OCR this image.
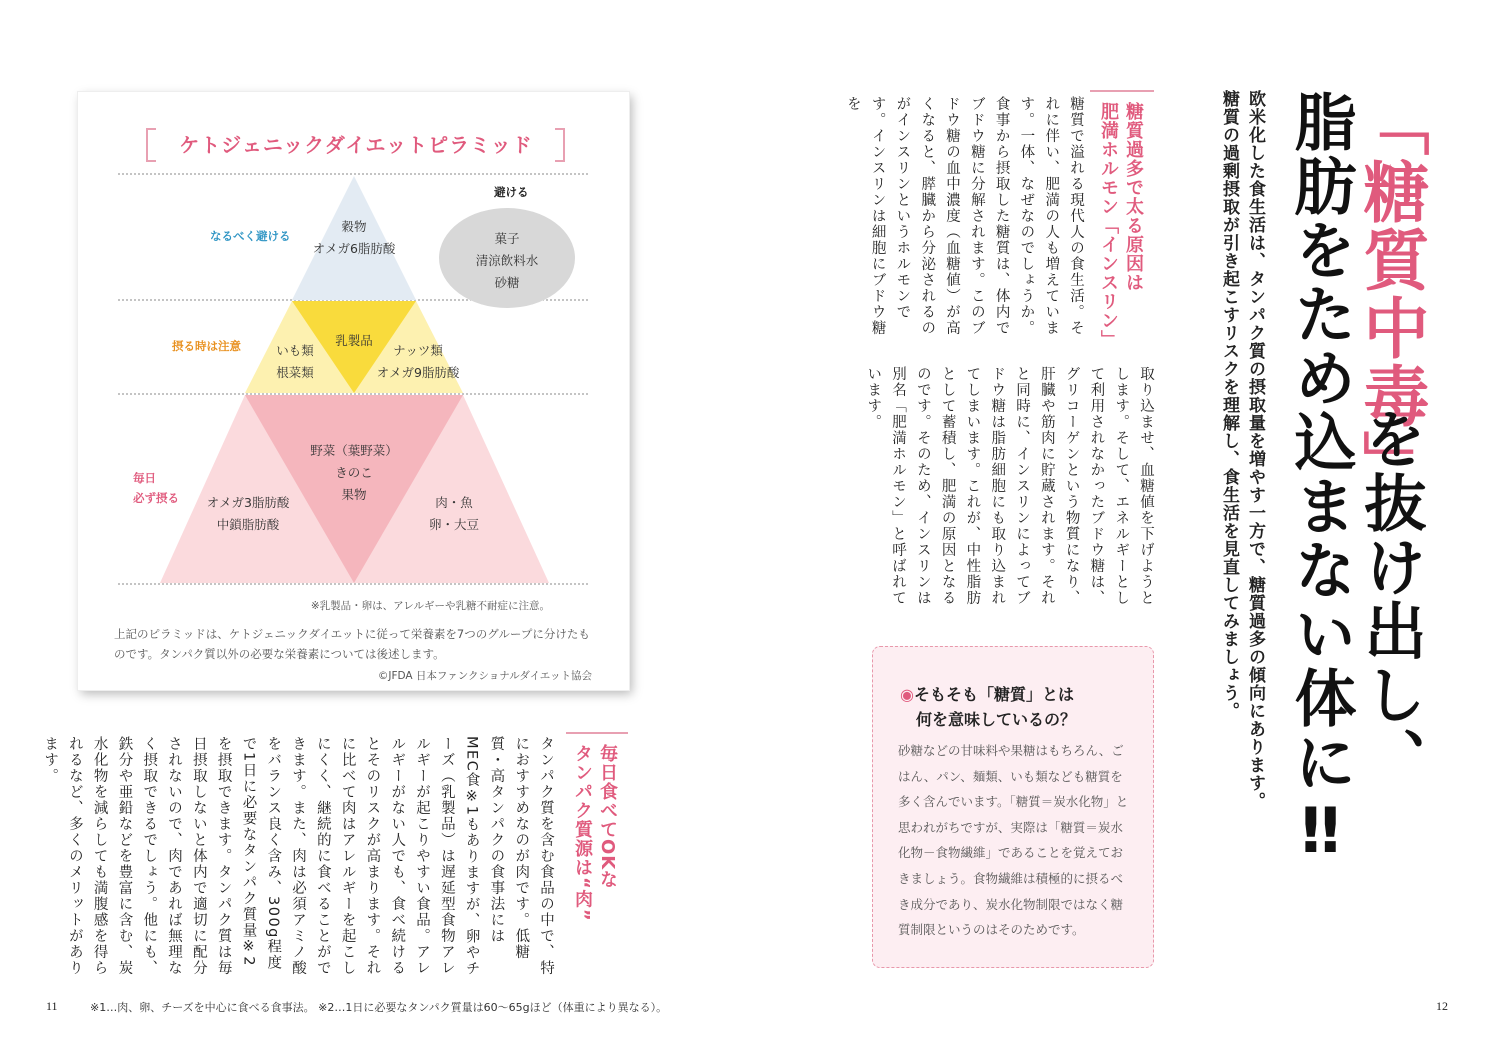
ケトジェニックダイエットピラミッド
なるべく避ける
摂る時は注意
毎日
必ず摂る
避ける
穀物
オメガ6脂肪酸
菓子
清涼飲料水
砂糖
いも類
根菜類
乳製品
ナッツ類
オメガ9脂肪酸
野菜（葉野菜）
きのこ
果物
オメガ3脂肪酸
中鎖脂肪酸
肉・魚
卵・大豆
※乳製品・卵は、アレルギーや乳糖不耐症に注意。
上記のピラミッドは、ケトジェニックダイエットに従って栄養素を7つのグループに分けたものです。タンパク質以外の必要な栄養素については後述します。
©JFDA 日本ファンクショナルダイエット協会
毎日食べてOKな
タンパク質源は“肉”
タンパク質を含む食品の中で、特におすすめなのが肉です。低糖質・高タンパクの食事法にはMEC食※1もありますが、卵やチーズ（乳製品）は遅延型食物アレルギーが起こりやすい食品。アレルギーがない人でも、食べ続けるとそのリスクが高まります。それに比べて肉はアレルギーを起こしにくく、継続的に食べることができます。また、肉は必須アミノ酸をバランス良く含み、300g程度で1日に必要なタンパク質量※2を摂取できます。タンパク質は毎日摂取しないと体内で適切に配分されないので、肉であれば無理なく摂取できるでしょう。他にも、鉄分や亜鉛などを豊富に含む、炭水化物を減らしても満腹感を得られるなど、多くのメリットがあります。
11	※1…肉、卵、チーズを中心に食べる食事法。 ※2…1日に必要なタンパク質量は60～65gほど（体重により異なる）。
「糖質中毒」
を抜け出し、
脂肪をため込まない体に‼
欧米化した食生活は、タンパク質の摂取量を増やす一方で、糖質過多の傾向にあります。糖質の過剰摂取が引き起こすリスクを理解し、食生活を見直してみましょう。
糖質過多で太る原因は
肥満ホルモン「インスリン」
糖質で溢れる現代人の食生活。それに伴い、肥満の人も増えています。一体、なぜなのでしょうか。食事から摂取した糖質は、体内でブドウ糖に分解されます。このブドウ糖の血中濃度（血糖値）が高くなると、膵臓から分泌されるのがインスリンというホルモンです。インスリンは細胞にブドウ糖を
取り込ませ、血糖値を下げようとします。そして、エネルギーとして利用されなかったブドウ糖は、グリコーゲンという物質になり、肝臓や筋肉に貯蔵されます。それと同時に、インスリンによってブドウ糖は脂肪細胞にも取り込まれてしまいます。これが、中性脂肪として蓄積し、肥満の原因となるのです。そのため、インスリンは別名「肥満ホルモン」と呼ばれています。
◉そもそも「糖質」とは
何を意味しているの？
砂糖などの甘味料や果糖はもちろん、ごはん、パン、麺類、いも類なども糖質を多く含んでいます。「糖質＝炭水化物」と思われがちですが、実際は「糖質＝炭水化物－食物繊維」であることを覚えておきましょう。食物繊維は積極的に摂るべき成分であり、炭水化物制限ではなく糖質制限というのはそのためです。
12
